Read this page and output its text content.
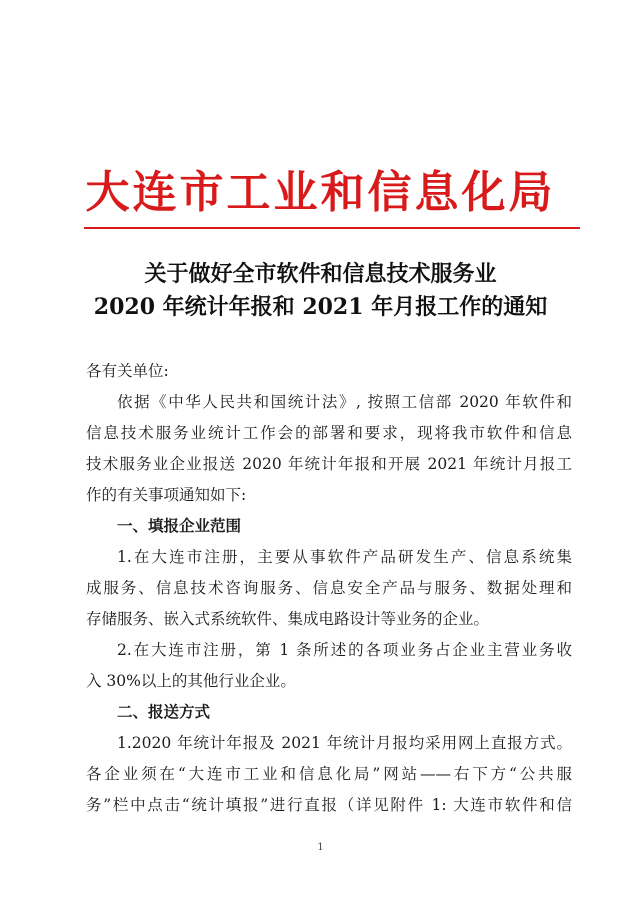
大连市工业和信息化局
关于做好全市软件和信息技术服务业
2020 年统计年报和 2021 年月报工作的通知
各有关单位:
依据《中华人民共和国统计法》, 按照工信部 2020 年软件和
信息技术服务业统计工作会的部署和要求，现将我市软件和信息
技术服务业企业报送 2020 年统计年报和开展 2021 年统计月报工
作的有关事项通知如下:
一、填报企业范围
1.在大连市注册，主要从事软件产品研发生产、信息系统集
成服务、信息技术咨询服务、信息安全产品与服务、数据处理和
存储服务、嵌入式系统软件、集成电路设计等业务的企业。
2.在大连市注册，第 1 条所述的各项业务占企业主营业务收
入 30%以上的其他行业企业。
二、报送方式
1.2020 年统计年报及 2021 年统计月报均采用网上直报方式。
各企业须在“大连市工业和信息化局”网站——右下方“公共服
务”栏中点击“统计填报”进行直报（详见附件 1: 大连市软件和信
1
